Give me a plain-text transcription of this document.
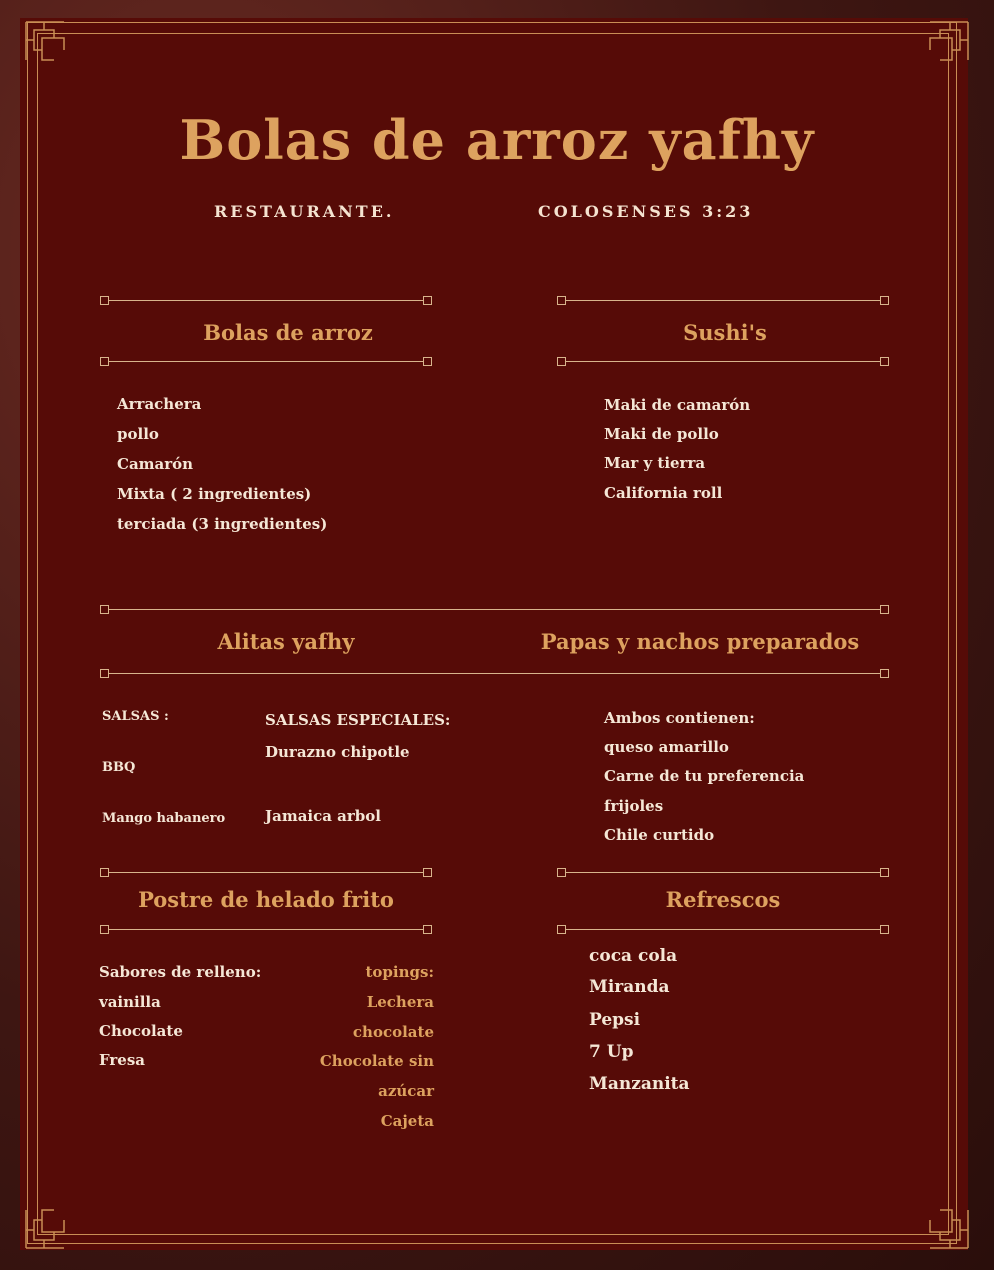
Bolas de arroz yafhy
RESTAURANTE.	COLOSENSES 3:23
Bolas de arroz
Arrachera
pollo
Camarón
Mixta ( 2 ingredientes)
terciada (3 ingredientes)
Sushi's
Maki de camarón
Maki de pollo
Mar y tierra
California roll
Alitas yafhy	Papas y nachos preparados
SALSAS :
BBQ
Mango habanero
SALSAS ESPECIALES:
Durazno chipotle
Jamaica arbol
Ambos contienen:
queso amarillo
Carne de tu preferencia
frijoles
Chile curtido
Postre de helado frito
Sabores de relleno:
vainilla
Chocolate
Fresa
topings:
Lechera
chocolate
Chocolate sin
azúcar
Cajeta
Refrescos
coca cola
Miranda
Pepsi
7 Up
Manzanita
